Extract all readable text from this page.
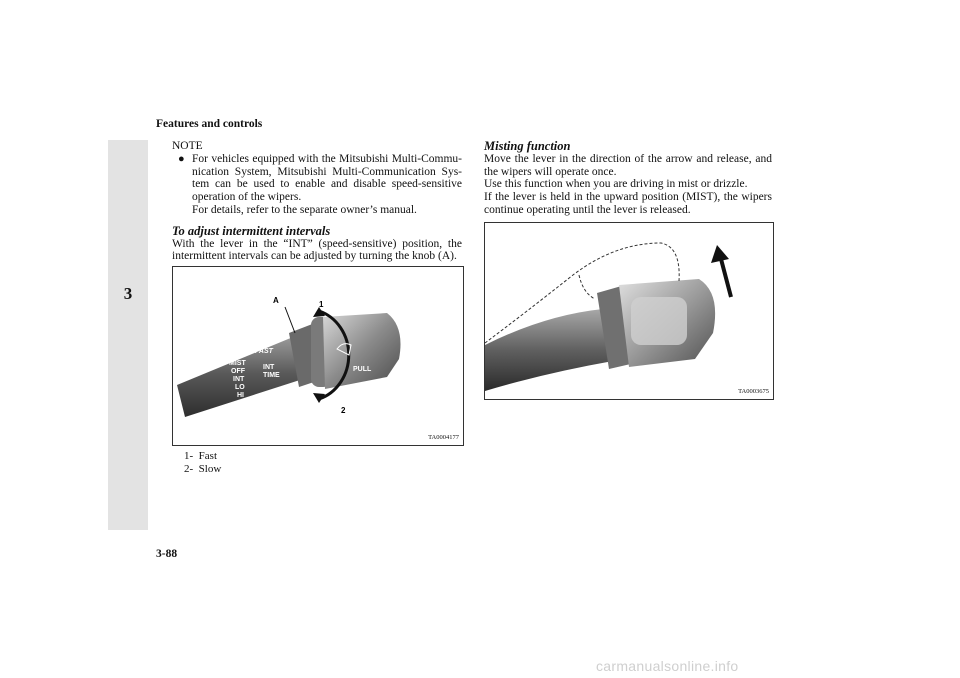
Features and controls
3
NOTE
● For vehicles equipped with the Mitsubishi Multi-Commu-nication System, Mitsubishi Multi-Communication Sys-tem can be used to enable and disable speed-sensitive operation of the wipers.
For details, refer to the separate owner’s manual.
To adjust intermittent intervals
With the lever in the “INT” (speed-sensitive) position, the intermittent intervals can be adjusted by turning the knob (A).
A	1
2
MIST
OFF
INT
LO
HI
FAST
INT
TIME
SLOW
PULL
TA0004177
1- Fast
2- Slow
Misting function
Move the lever in the direction of the arrow and release, and the wipers will operate once.
Use this function when you are driving in mist or drizzle.
If the lever is held in the upward position (MIST), the wipers continue operating until the lever is released.
TA0003675
3-88
carmanualsonline.info
